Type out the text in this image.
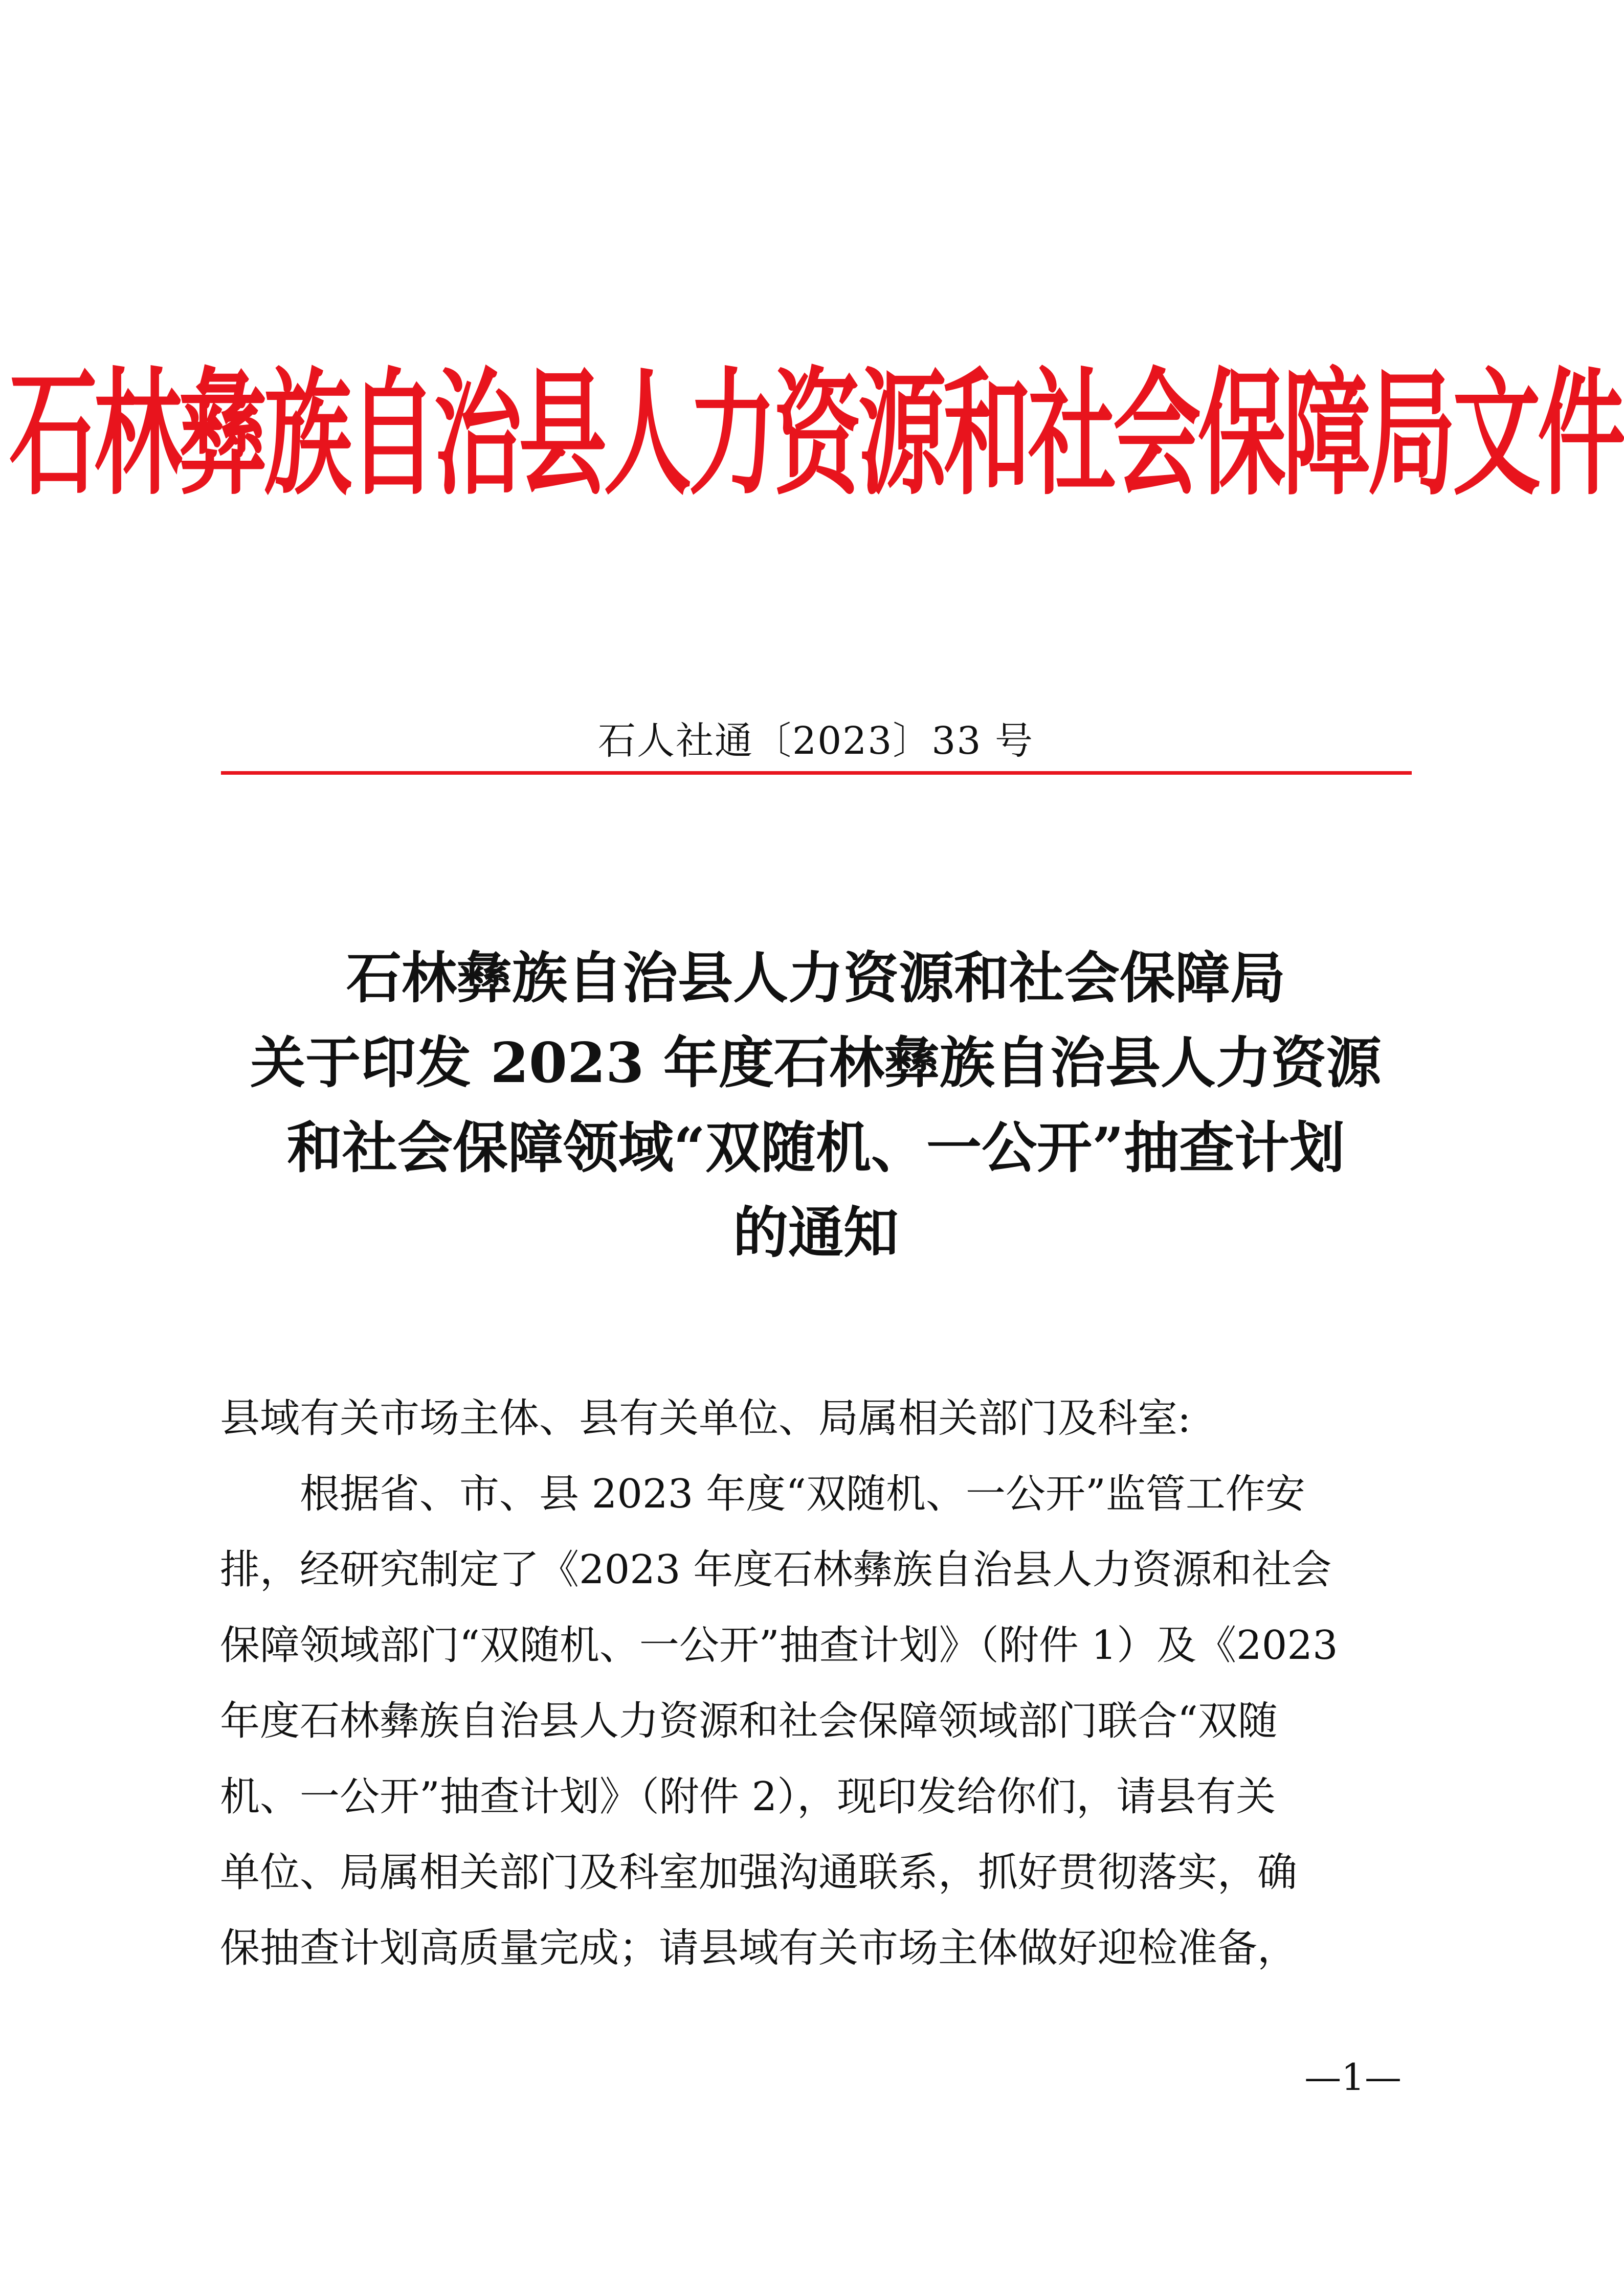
石林彝族自治县人力资源和社会保障局文件
石人社通〔2023〕33 号
石林彝族自治县人力资源和社会保障局
关于印发 2023 年度石林彝族自治县人力资源
和社会保障领域“双随机、一公开”抽查计划
的通知
县域有关市场主体、县有关单位、局属相关部门及科室:
　　根据省、市、县 2023 年度“双随机、一公开”监管工作安
排，经研究制定了《2023 年度石林彝族自治县人力资源和社会
保障领域部门“双随机、一公开”抽查计划》（附件 1）及《2023
年度石林彝族自治县人力资源和社会保障领域部门联合“双随
机、一公开”抽查计划》（附件 2），现印发给你们，请县有关
单位、局属相关部门及科室加强沟通联系，抓好贯彻落实，确
保抽查计划高质量完成；请县域有关市场主体做好迎检准备，
—1—
